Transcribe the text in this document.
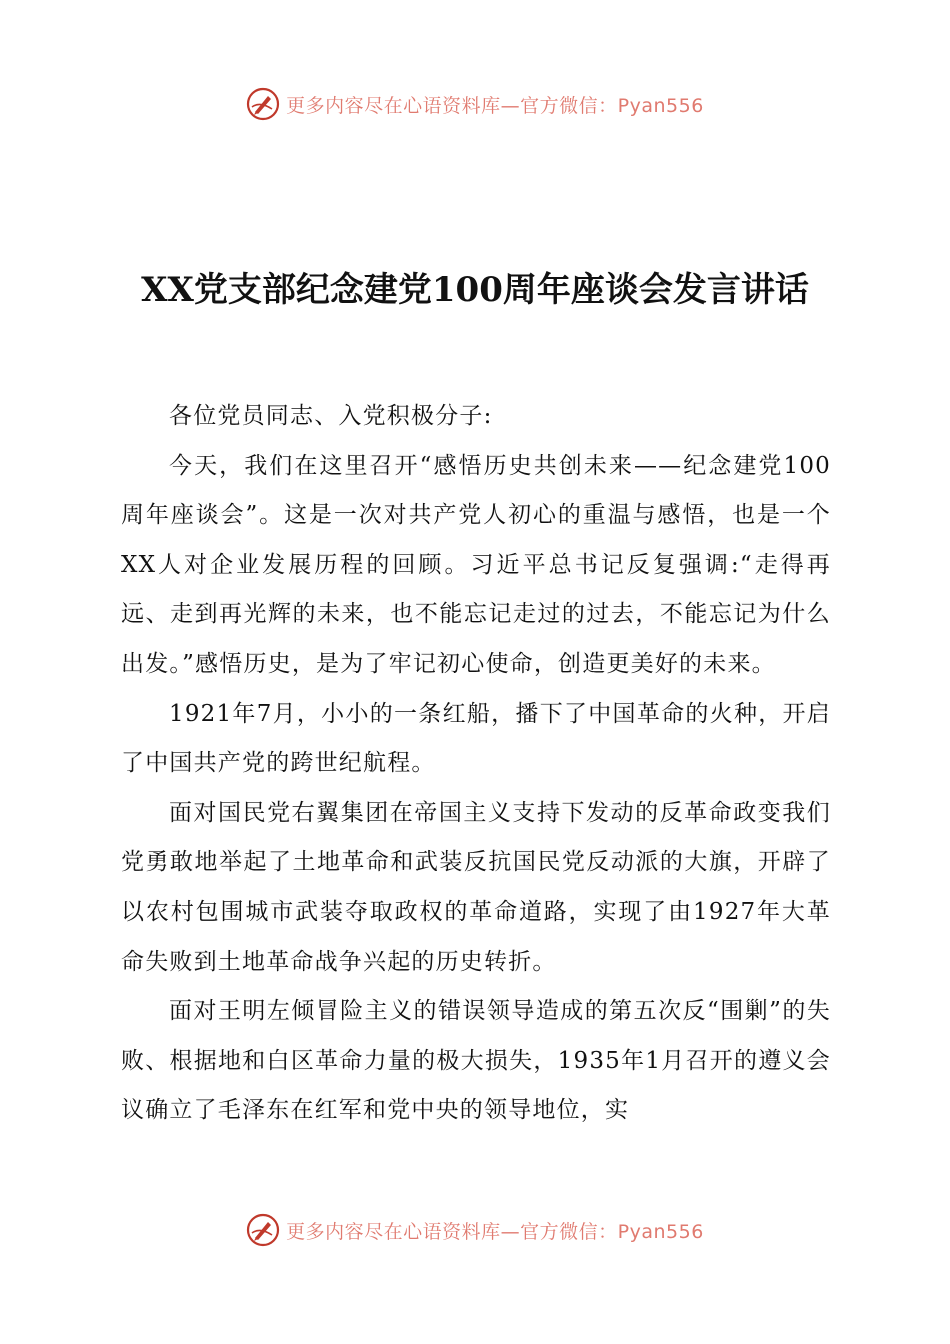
更多内容尽在心语资料库—官方微信：Pyan556
XX党支部纪念建党100周年座谈会发言讲话

各位党员同志、入党积极分子:

今天，我们在这里召开“感悟历史共创未来——纪念建党100周年座谈会”。这是一次对共产党人初心的重温与感悟，也是一个XX人对企业发展历程的回顾。习近平总书记反复强调:“走得再远、走到再光辉的未来，也不能忘记走过的过去，不能忘记为什么出发。”感悟历史，是为了牢记初心使命，创造更美好的未来。

1921年7月，小小的一条红船，播下了中国革命的火种，开启了中国共产党的跨世纪航程。

面对国民党右翼集团在帝国主义支持下发动的反革命政变我们党勇敢地举起了土地革命和武装反抗国民党反动派的大旗，开辟了以农村包围城市武装夺取政权的革命道路，实现了由1927年大革命失败到土地革命战争兴起的历史转折。

面对王明左倾冒险主义的错误领导造成的第五次反“围剿”的失败、根据地和白区革命力量的极大损失，1935年1月召开的遵义会议确立了毛泽东在红军和党中央的领导地位，实

更多内容尽在心语资料库—官方微信：Pyan556
